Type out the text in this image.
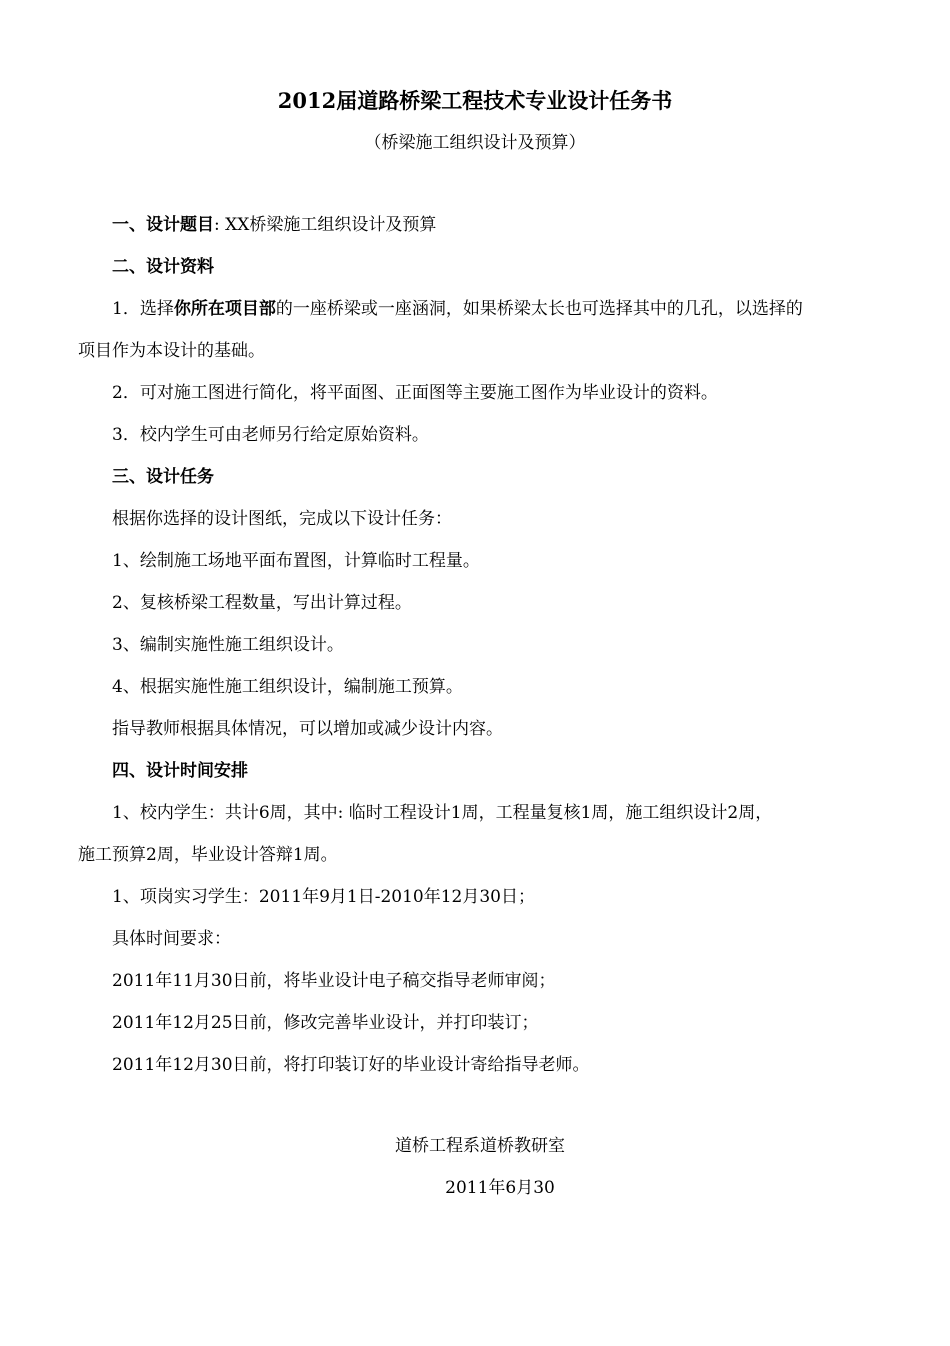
2012届道路桥梁工程技术专业设计任务书
（桥梁施工组织设计及预算）
一、设计题目: XX桥梁施工组织设计及预算
二、设计资料
1．选择你所在项目部的一座桥梁或一座涵洞，如果桥梁太长也可选择其中的几孔，以选择的
项目作为本设计的基础。
2．可对施工图进行简化，将平面图、正面图等主要施工图作为毕业设计的资料。
3．校内学生可由老师另行给定原始资料。
三、设计任务
根据你选择的设计图纸，完成以下设计任务：
1、绘制施工场地平面布置图，计算临时工程量。
2、复核桥梁工程数量，写出计算过程。
3、编制实施性施工组织设计。
4、根据实施性施工组织设计，编制施工预算。
指导教师根据具体情况，可以增加或减少设计内容。
四、设计时间安排
1、校内学生：共计6周，其中: 临时工程设计1周，工程量复核1周，施工组织设计2周，
施工预算2周，毕业设计答辩1周。
1、项岗实习学生：2011年9月1日-2010年12月30日；
具体时间要求：
2011年11月30日前，将毕业设计电子稿交指导老师审阅；
2011年12月25日前，修改完善毕业设计，并打印装订；
2011年12月30日前，将打印装订好的毕业设计寄给指导老师。
道桥工程系道桥教研室
2011年6月30
